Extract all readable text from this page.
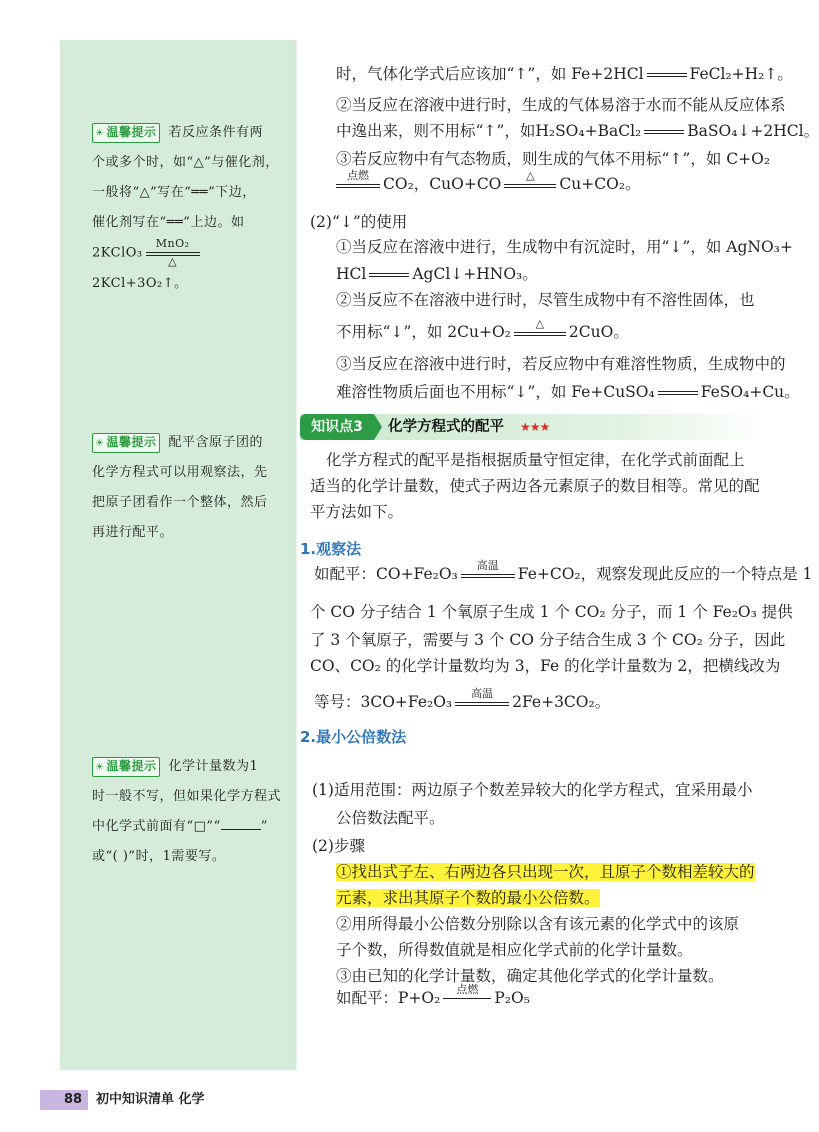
☀ 温馨提示 若反应条件有两
个或多个时，如“△”与催化剂，
一般将“△”写在“══”下边，
催化剂写在“══”上边。如
2KClO₃
MnO₂
△
2KCl+3O₂↑。
☀ 温馨提示 配平含原子团的
化学方程式可以用观察法，先
把原子团看作一个整体，然后
再进行配平。
☀ 温馨提示 化学计量数为1
时一般不写，但如果化学方程式
中化学式前面有“□”“	”
或“( )”时，1需要写。
时，气体化学式后应该加“↑”，如 Fe+2HCl	FeCl₂+H₂↑。
②当反应在溶液中进行时，生成的气体易溶于水而不能从反应体系
中逸出来，则不用标“↑”，如H₂SO₄+BaCl₂	BaSO₄↓+2HCl。
③若反应物中有气态物质，则生成的气体不用标“↑”，如 C+O₂
点燃 CO₂，CuO+CO	△	Cu+CO₂。
(2)“↓”的使用
①当反应在溶液中进行，生成物中有沉淀时，用“↓”，如 AgNO₃+
HCl	AgCl↓+HNO₃。
②当反应不在溶液中进行时，尽管生成物中有不溶性固体，也
不用标“↓”，如 2Cu+O₂	△	2CuO。
③当反应在溶液中进行时，若反应物中有难溶性物质，生成物中的
难溶性物质后面也不用标“↓”，如 Fe+CuSO₄	FeSO₄+Cu。
知识点3	化学方程式的配平 ★★★
化学方程式的配平是指根据质量守恒定律，在化学式前面配上
适当的化学计量数，使式子两边各元素原子的数目相等。常见的配
平方法如下。
如配平：CO+Fe₂O₃	高温	Fe+CO₂，观察发现此反应的一个特点是 1
个 CO 分子结合 1 个氧原子生成 1 个 CO₂ 分子，而 1 个 Fe₂O₃ 提供
了 3 个氧原子，需要与 3 个 CO 分子结合生成 3 个 CO₂ 分子，因此
CO、CO₂ 的化学计量数均为 3，Fe 的化学计量数为 2，把横线改为
等号：3CO+Fe₂O₃	高温	2Fe+3CO₂。
(1)适用范围：两边原子个数差异较大的化学方程式，宜采用最小
公倍数法配平。
(2)步骤
①找出式子左、右两边各只出现一次，且原子个数相差较大的
元素，求出其原子个数的最小公倍数。
②用所得最小公倍数分别除以含有该元素的化学式中的该原
子个数，所得数值就是相应化学式前的化学计量数。
③由已知的化学计量数，确定其他化学式的化学计量数。
如配平：P+O₂	点燃	P₂O₅
1.观察法
2.最小公倍数法
88 初中知识清单 化学
